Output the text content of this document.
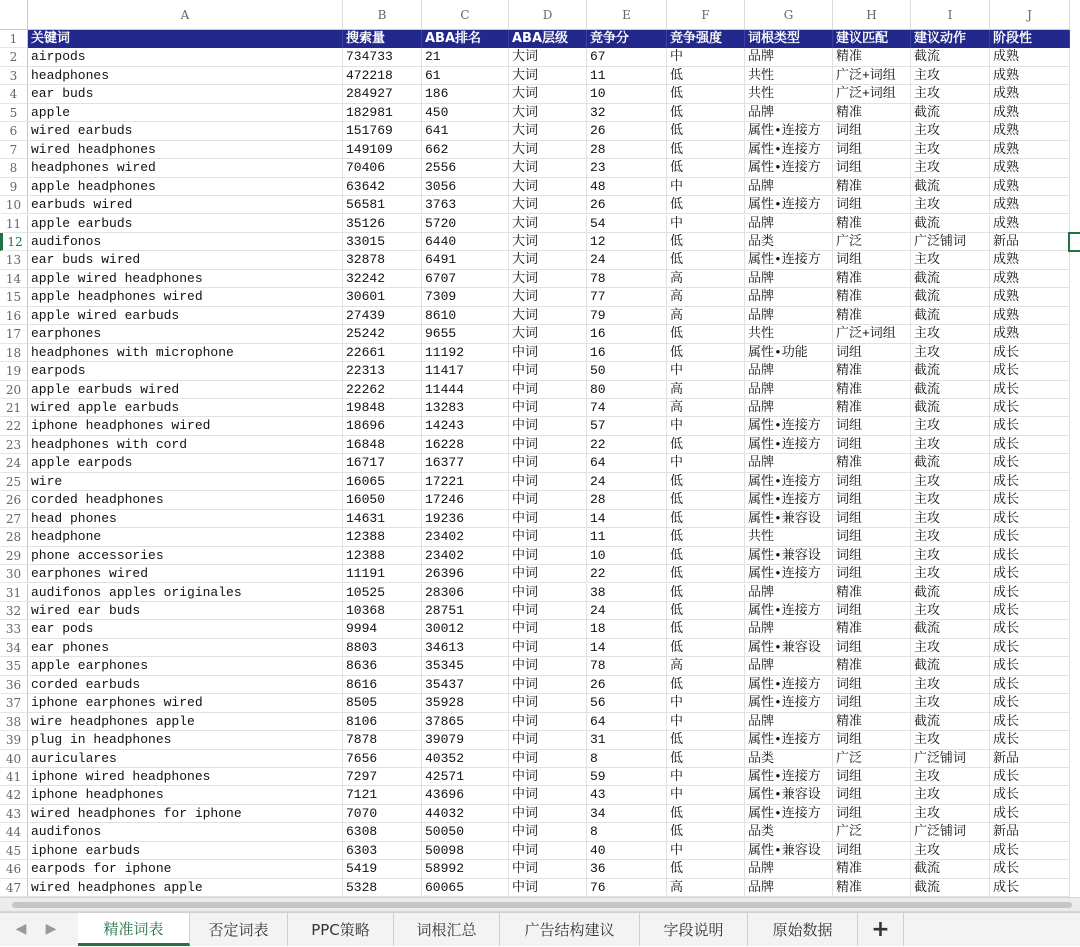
A	B	C	D	E	F	G	H	I	J
1	关键词	搜索量	ABA排名	ABA层级	竞争分	竞争强度	词根类型	建议匹配	建议动作	阶段性
2	airpods	734733	21	大词	67	中	品牌	精准	截流	成熟
3	headphones	472218	61	大词	11	低	共性	广泛+词组	主攻	成熟
4	ear buds	284927	186	大词	10	低	共性	广泛+词组	主攻	成熟
5	apple	182981	450	大词	32	低	品牌	精准	截流	成熟
6	wired earbuds	151769	641	大词	26	低	属性•连接方	词组	主攻	成熟
7	wired headphones	149109	662	大词	28	低	属性•连接方	词组	主攻	成熟
8	headphones wired	70406	2556	大词	23	低	属性•连接方	词组	主攻	成熟
9	apple headphones	63642	3056	大词	48	中	品牌	精准	截流	成熟
10 earbuds wired	56581	3763	大词	26	低	属性•连接方	词组	主攻	成熟
11 apple earbuds	35126	5720	大词	54	中	品牌	精准	截流	成熟
12 audifonos	33015	6440	大词	12	低	品类	广泛	广泛铺词	新品
13 ear buds wired	32878	6491	大词	24	低	属性•连接方	词组	主攻	成熟
14 apple wired headphones	32242	6707	大词	78	高	品牌	精准	截流	成熟
15 apple headphones wired	30601	7309	大词	77	高	品牌	精准	截流	成熟
16 apple wired earbuds	27439	8610	大词	79	高	品牌	精准	截流	成熟
17 earphones	25242	9655	大词	16	低	共性	广泛+词组	主攻	成熟
18 headphones with microphone	22661	11192	中词	16	低	属性•功能	词组	主攻	成长
19 earpods	22313	11417	中词	50	中	品牌	精准	截流	成长
20 apple earbuds wired	22262	11444	中词	80	高	品牌	精准	截流	成长
21 wired apple earbuds	19848	13283	中词	74	高	品牌	精准	截流	成长
22 iphone headphones wired	18696	14243	中词	57	中	属性•连接方	词组	主攻	成长
23 headphones with cord	16848	16228	中词	22	低	属性•连接方	词组	主攻	成长
24 apple earpods	16717	16377	中词	64	中	品牌	精准	截流	成长
25 wire	16065	17221	中词	24	低	属性•连接方	词组	主攻	成长
26 corded headphones	16050	17246	中词	28	低	属性•连接方	词组	主攻	成长
27 head phones	14631	19236	中词	14	低	属性•兼容设	词组	主攻	成长
28 headphone	12388	23402	中词	11	低	共性	词组	主攻	成长
29 phone accessories	12388	23402	中词	10	低	属性•兼容设	词组	主攻	成长
30 earphones wired	11191	26396	中词	22	低	属性•连接方	词组	主攻	成长
31 audifonos apples originales	10525	28306	中词	38	低	品牌	精准	截流	成长
32 wired ear buds	10368	28751	中词	24	低	属性•连接方	词组	主攻	成长
33 ear pods	9994	30012	中词	18	低	品牌	精准	截流	成长
34 ear phones	8803	34613	中词	14	低	属性•兼容设	词组	主攻	成长
35 apple earphones	8636	35345	中词	78	高	品牌	精准	截流	成长
36 corded earbuds	8616	35437	中词	26	低	属性•连接方	词组	主攻	成长
37 iphone earphones wired	8505	35928	中词	56	中	属性•连接方	词组	主攻	成长
38 wire headphones apple	8106	37865	中词	64	中	品牌	精准	截流	成长
39 plug in headphones	7878	39079	中词	31	低	属性•连接方	词组	主攻	成长
40 auriculares	7656	40352	中词	8	低	品类	广泛	广泛铺词	新品
41 iphone wired headphones	7297	42571	中词	59	中	属性•连接方	词组	主攻	成长
42 iphone headphones	7121	43696	中词	43	中	属性•兼容设	词组	主攻	成长
43 wired headphones for iphone	7070	44032	中词	34	低	属性•连接方	词组	主攻	成长
44 audifonos	6308	50050	中词	8	低	品类	广泛	广泛铺词	新品
45 iphone earbuds	6303	50098	中词	40	中	属性•兼容设	词组	主攻	成长
46 earpods for iphone	5419	58992	中词	36	低	品牌	精准	截流	成长
47 wired headphones apple	5328	60065	中词	76	高	品牌	精准	截流	成长
◀ ▶	精准词表	否定词表	PPC策略	词根汇总	广告结构建议	字段说明	原始数据	+
